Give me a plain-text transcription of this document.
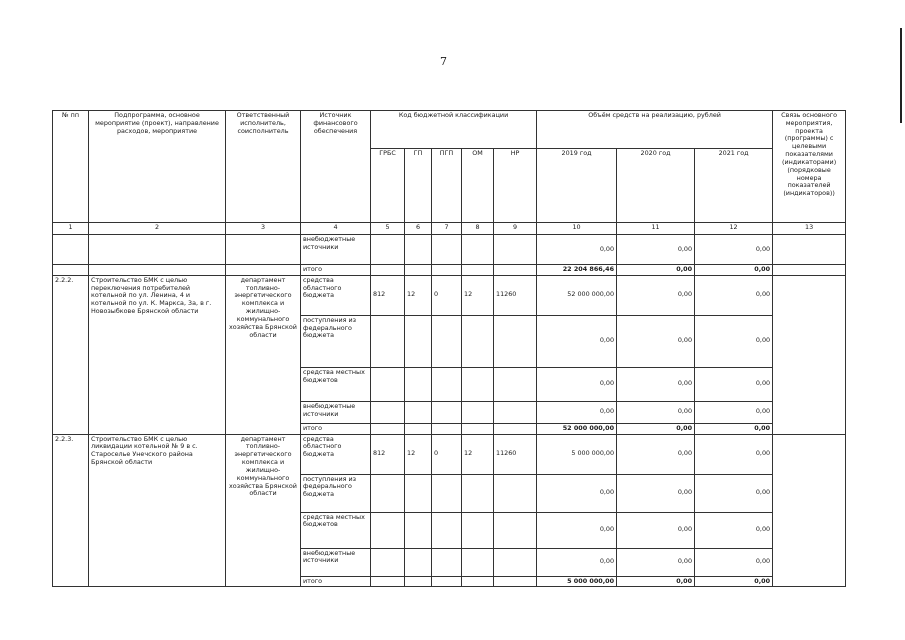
7
№ пп	Подпрограмма, основное мероприятие (проект), направление расходов, мероприятие	Ответственный исполнитель, соисполнитель	Источник финансового обеспечения	Код бюджетной классификации					Объём средств на реализацию, рублей			Связь основного мероприятия, проекта (программы) с целевыми показателями (индикаторами) (порядковые номера показателей (индикаторов))
				ГРБС	ГП	ПГП	ОМ	НР	2019 год	2020 год	2021 год	
1	2	3	4	5	6	7	8	9	10	11	12	13
			внебюджетные источники						0,00	0,00	0,00	
			итого						22 204 866,46	0,00	0,00	
2.2.2.	Строительство БМК с целью переключения потребителей котельной по ул. Ленина, 4 и котельной по ул. К. Маркса, 3а, в г. Новозыбкове Брянской области	департамент топливно-энергетического комплекса и жилищно-коммунального хозяйства Брянской области	средства областного бюджета	812	12	0	12	11260	52 000 000,00	0,00	0,00	
			поступления из федерального бюджета						0,00	0,00	0,00	
			средства местных бюджетов						0,00	0,00	0,00	
			внебюджетные источники						0,00	0,00	0,00	
			итого						52 000 000,00	0,00	0,00	
2.2.3.	Строительство БМК с целью ликвидации котельной № 9 в с. Староселье Унечского района Брянской области	департамент топливно-энергетического комплекса и жилищно-коммунального хозяйства Брянской области	средства областного бюджета	812	12	0	12	11260	5 000 000,00	0,00	0,00	
			поступления из федерального бюджета						0,00	0,00	0,00	
			средства местных бюджетов						0,00	0,00	0,00	
			внебюджетные источники						0,00	0,00	0,00	
			итого						5 000 000,00	0,00	0,00	
